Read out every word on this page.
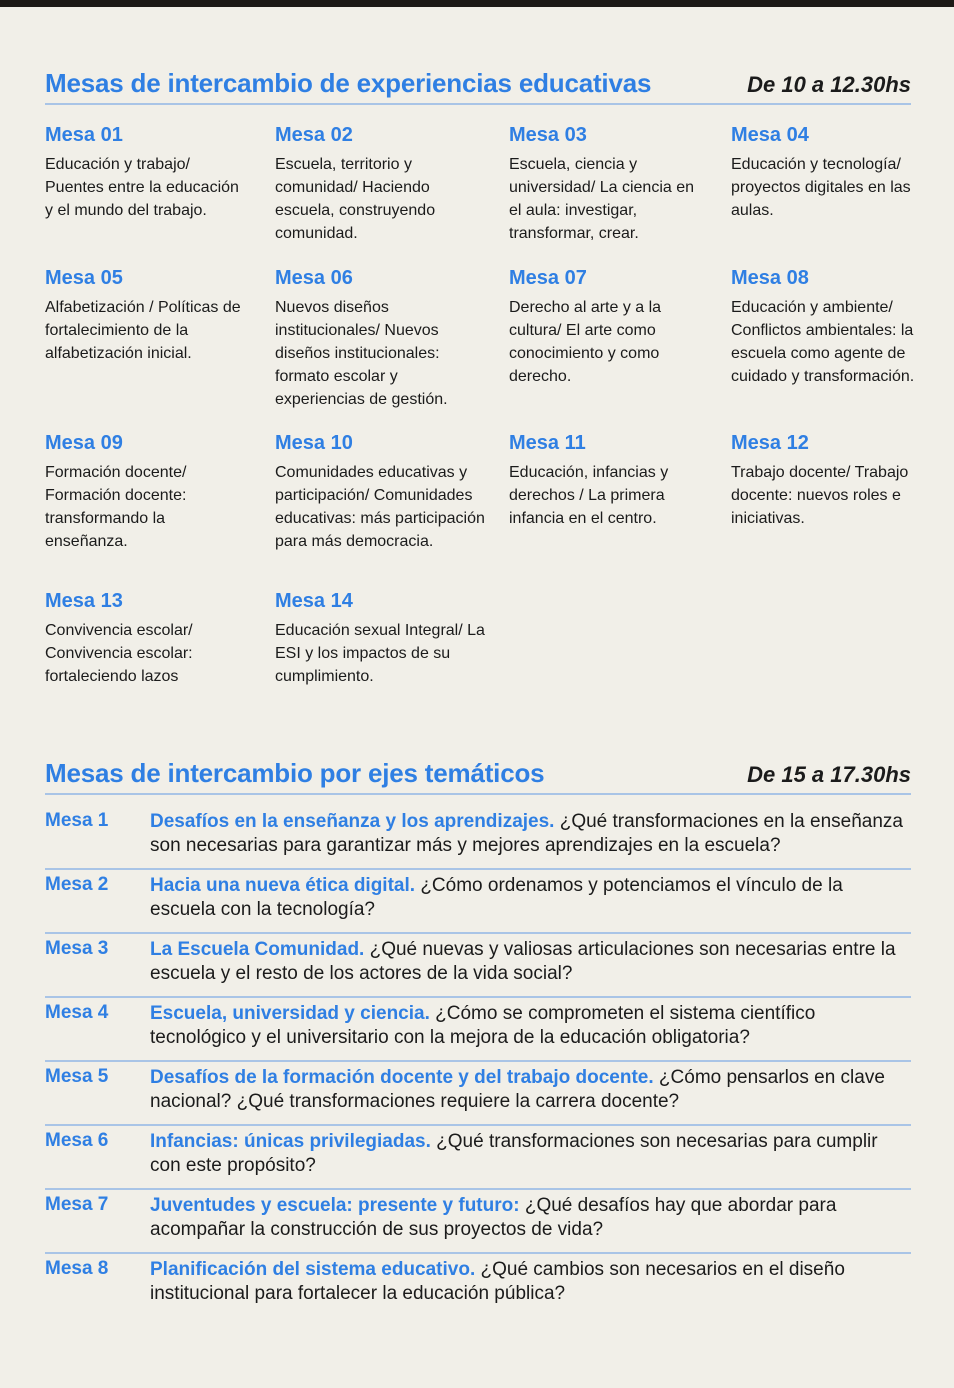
Mesas de intercambio de experiencias educativas	De 10 a 12.30hs
Mesa 01
Educación y trabajo/ Puentes entre la educación y el mundo del trabajo.
Mesa 02
Escuela, territorio y comunidad/ Haciendo escuela, construyendo comunidad.
Mesa 03
Escuela, ciencia y universidad/ La ciencia en el aula: investigar, transformar, crear.
Mesa 04
Educación y tecnología/ proyectos digitales en las aulas.
Mesa 05
Alfabetización / Políticas de fortalecimiento de la alfabetización inicial.
Mesa 06
Nuevos diseños institucionales/ Nuevos diseños institucionales: formato escolar y experiencias de gestión.
Mesa 07
Derecho al arte y a la cultura/ El arte como conocimiento y como derecho.
Mesa 08
Educación y ambiente/ Conflictos ambientales: la escuela como agente de cuidado y transformación.
Mesa 09
Formación docente/ Formación docente: transformando la enseñanza.
Mesa 10
Comunidades educativas y participación/ Comunidades educativas: más participación para más democracia.
Mesa 11
Educación, infancias y derechos / La primera infancia en el centro.
Mesa 12
Trabajo docente/ Trabajo docente: nuevos roles e iniciativas.
Mesa 13
Convivencia escolar/ Convivencia escolar: fortaleciendo lazos
Mesa 14
Educación sexual Integral/ La ESI y los impactos de su cumplimiento.
Mesas de intercambio por ejes temáticos	De 15 a 17.30hs
Mesa 1 Desafíos en la enseñanza y los aprendizajes. ¿Qué transformaciones en la enseñanza son necesarias para garantizar más y mejores aprendizajes en la escuela?
Mesa 2 Hacia una nueva ética digital. ¿Cómo ordenamos y potenciamos el vínculo de la escuela con la tecnología?
Mesa 3 La Escuela Comunidad. ¿Qué nuevas y valiosas articulaciones son necesarias entre la escuela y el resto de los actores de la vida social?
Mesa 4 Escuela, universidad y ciencia. ¿Cómo se comprometen el sistema científico tecnológico y el universitario con la mejora de la educación obligatoria?
Mesa 5 Desafíos de la formación docente y del trabajo docente. ¿Cómo pensarlos en clave nacional? ¿Qué transformaciones requiere la carrera docente?
Mesa 6 Infancias: únicas privilegiadas. ¿Qué transformaciones son necesarias para cumplir con este propósito?
Mesa 7 Juventudes y escuela: presente y futuro: ¿Qué desafíos hay que abordar para acompañar la construcción de sus proyectos de vida?
Mesa 8 Planificación del sistema educativo. ¿Qué cambios son necesarios en el diseño institucional para fortalecer la educación pública?
